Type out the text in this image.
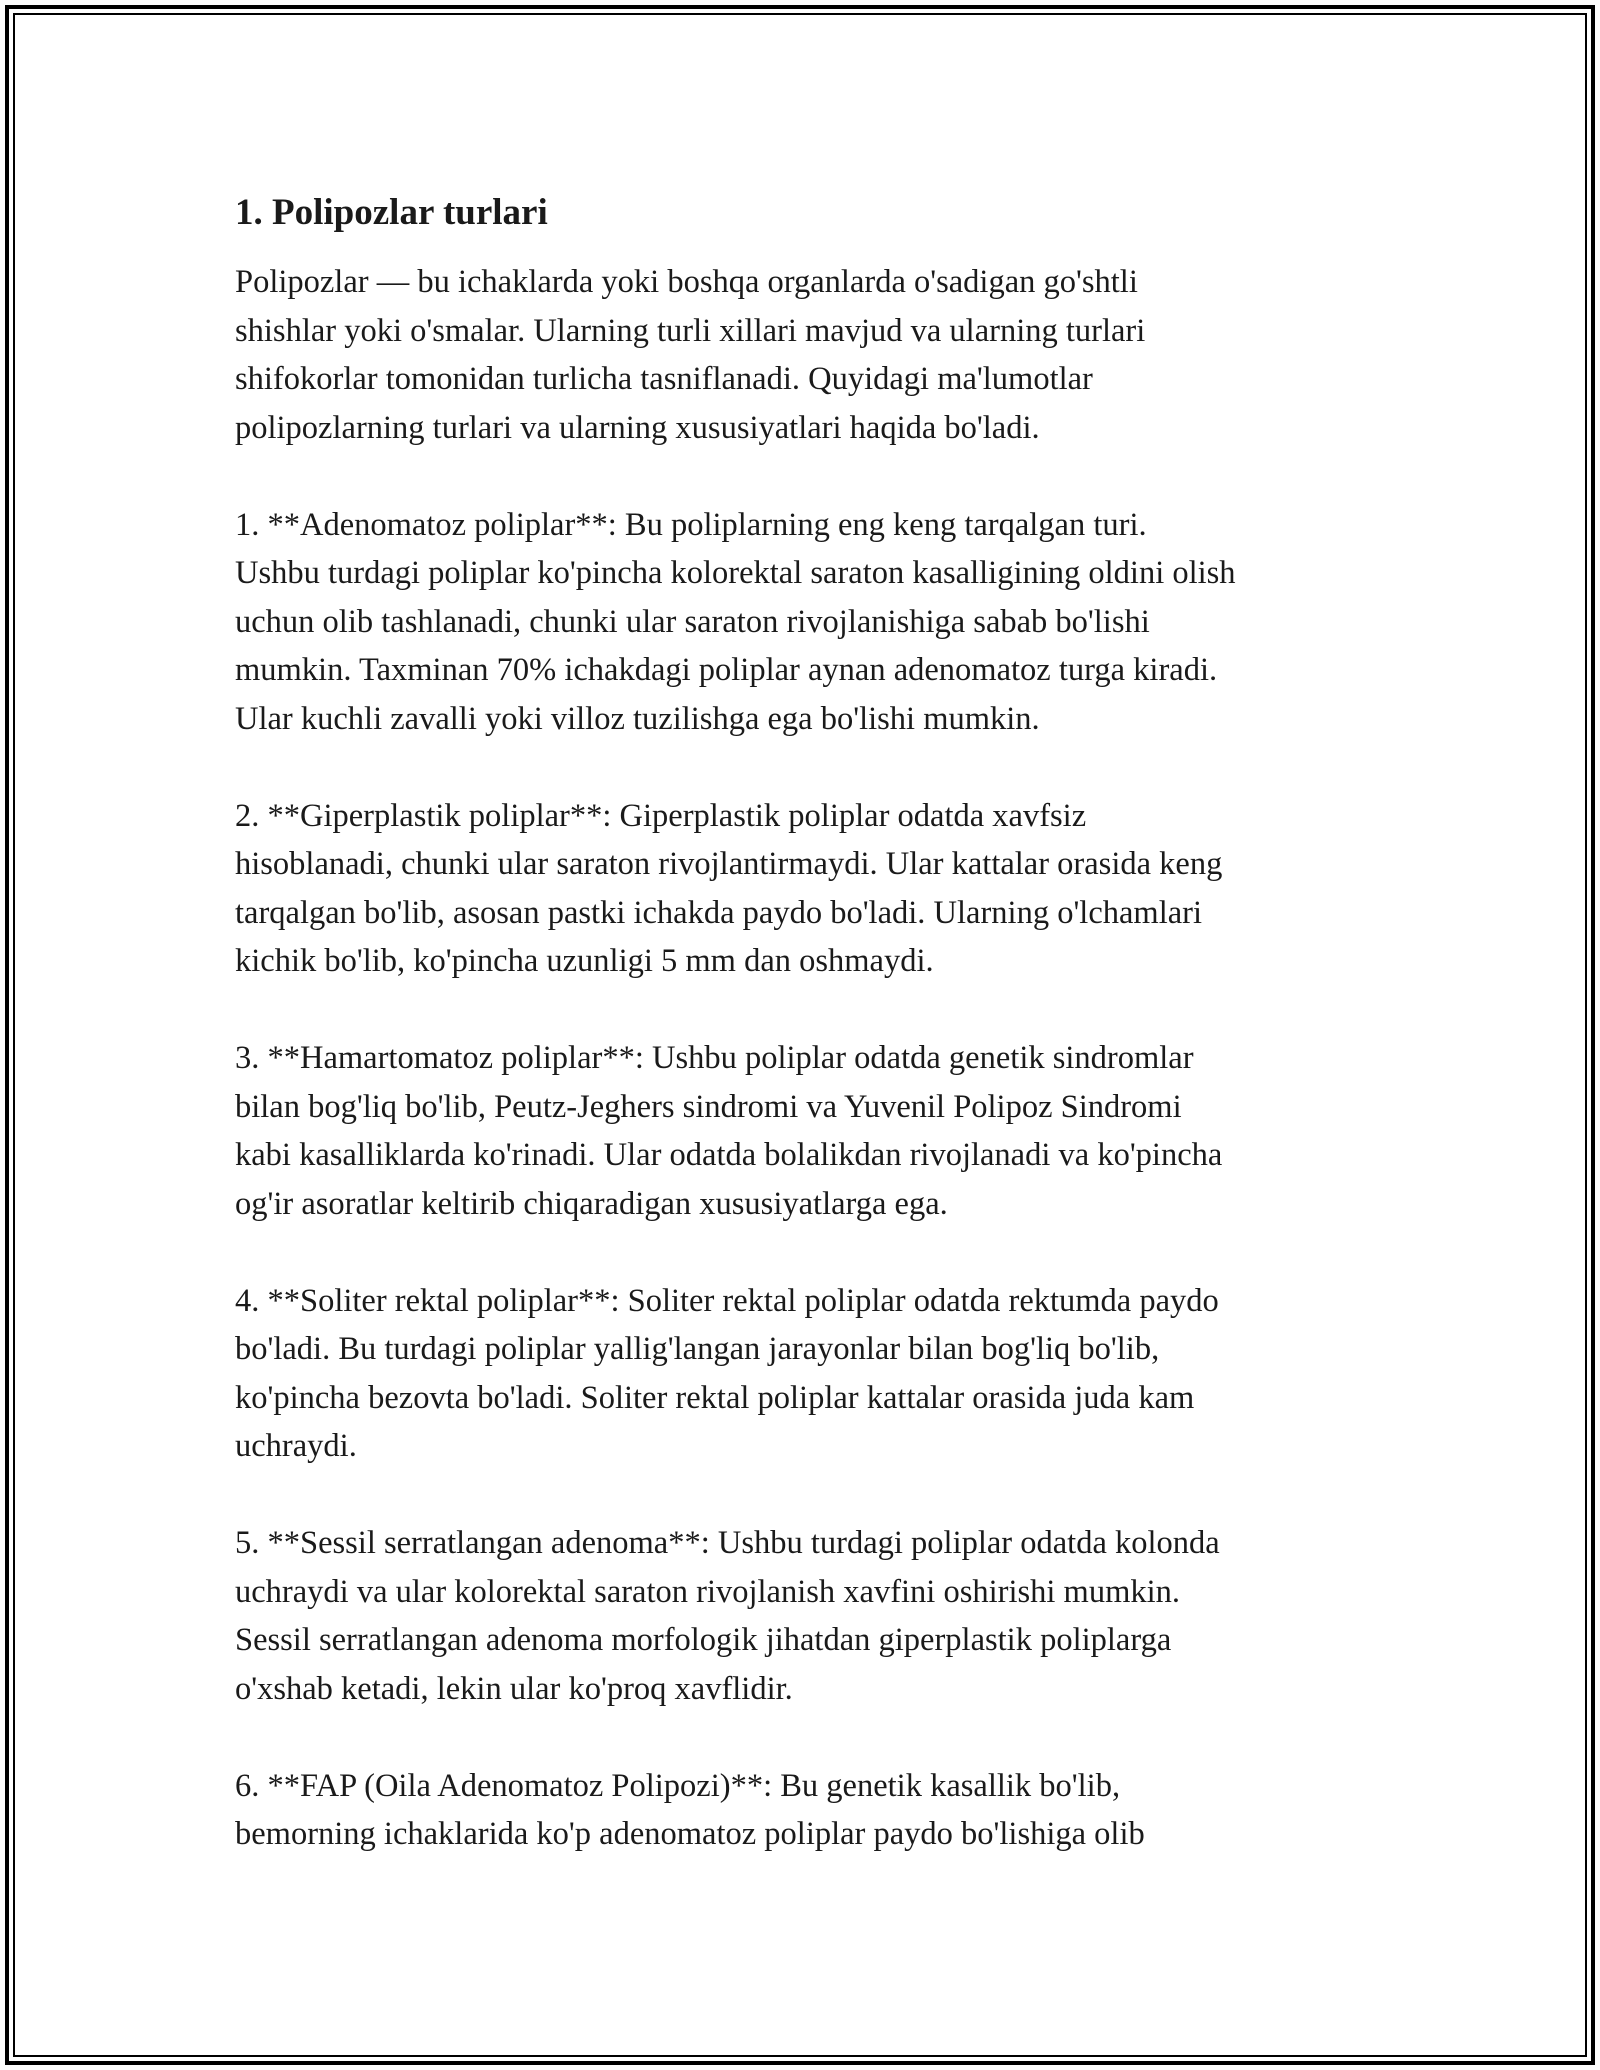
1. Polipozlar turlari
Polipozlar — bu ichaklarda yoki boshqa organlarda o'sadigan go'shtli
shishlar yoki o'smalar. Ularning turli xillari mavjud va ularning turlari
shifokorlar tomonidan turlicha tasniflanadi. Quyidagi ma'lumotlar
polipozlarning turlari va ularning xususiyatlari haqida bo'ladi.

1. **Adenomatoz poliplar**: Bu poliplarning eng keng tarqalgan turi.
Ushbu turdagi poliplar ko'pincha kolorektal saraton kasalligining oldini olish
uchun olib tashlanadi, chunki ular saraton rivojlanishiga sabab bo'lishi
mumkin. Taxminan 70% ichakdagi poliplar aynan adenomatoz turga kiradi.
Ular kuchli zavalli yoki villoz tuzilishga ega bo'lishi mumkin.

2. **Giperplastik poliplar**: Giperplastik poliplar odatda xavfsiz
hisoblanadi, chunki ular saraton rivojlantirmaydi. Ular kattalar orasida keng
tarqalgan bo'lib, asosan pastki ichakda paydo bo'ladi. Ularning o'lchamlari
kichik bo'lib, ko'pincha uzunligi 5 mm dan oshmaydi.

3. **Hamartomatoz poliplar**: Ushbu poliplar odatda genetik sindromlar
bilan bog'liq bo'lib, Peutz-Jeghers sindromi va Yuvenil Polipoz Sindromi
kabi kasalliklarda ko'rinadi. Ular odatda bolalikdan rivojlanadi va ko'pincha
og'ir asoratlar keltirib chiqaradigan xususiyatlarga ega.

4. **Soliter rektal poliplar**: Soliter rektal poliplar odatda rektumda paydo
bo'ladi. Bu turdagi poliplar yallig'langan jarayonlar bilan bog'liq bo'lib,
ko'pincha bezovta bo'ladi. Soliter rektal poliplar kattalar orasida juda kam
uchraydi.

5. **Sessil serratlangan adenoma**: Ushbu turdagi poliplar odatda kolonda
uchraydi va ular kolorektal saraton rivojlanish xavfini oshirishi mumkin.
Sessil serratlangan adenoma morfologik jihatdan giperplastik poliplarga
o'xshab ketadi, lekin ular ko'proq xavflidir.

6. **FAP (Oila Adenomatoz Polipozi)**: Bu genetik kasallik bo'lib,
bemorning ichaklarida ko'p adenomatoz poliplar paydo bo'lishiga olib
